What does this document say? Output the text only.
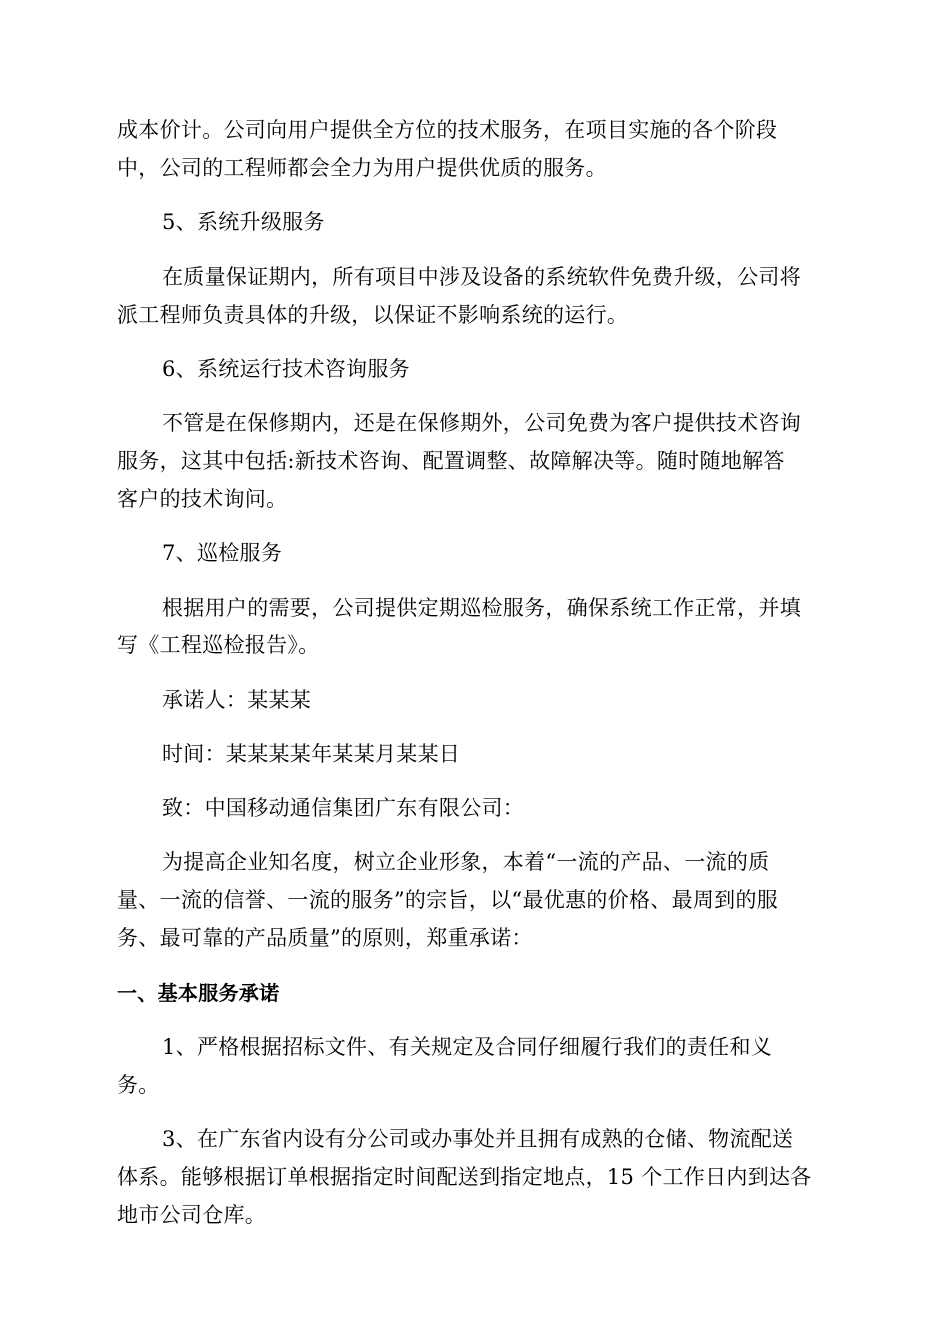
成本价计。公司向用户提供全方位的技术服务，在项目实施的各个阶段
中，公司的工程师都会全力为用户提供优质的服务。
5、系统升级服务
在质量保证期内，所有项目中涉及设备的系统软件免费升级，公司将
派工程师负责具体的升级，以保证不影响系统的运行。
6、系统运行技术咨询服务
不管是在保修期内，还是在保修期外，公司免费为客户提供技术咨询
服务，这其中包括:新技术咨询、配置调整、故障解决等。随时随地解答
客户的技术询问。
7、巡检服务
根据用户的需要，公司提供定期巡检服务，确保系统工作正常，并填
写《工程巡检报告》。
承诺人：某某某
时间：某某某某年某某月某某日
致：中国移动通信集团广东有限公司：
为提高企业知名度，树立企业形象，本着“一流的产品、一流的质
量、一流的信誉、一流的服务”的宗旨，以“最优惠的价格、最周到的服
务、最可靠的产品质量”的原则，郑重承诺：
一、基本服务承诺
1、严格根据招标文件、有关规定及合同仔细履行我们的责任和义
务。
3、在广东省内设有分公司或办事处并且拥有成熟的仓储、物流配送
体系。能够根据订单根据指定时间配送到指定地点，15 个工作日内到达各
地市公司仓库。
